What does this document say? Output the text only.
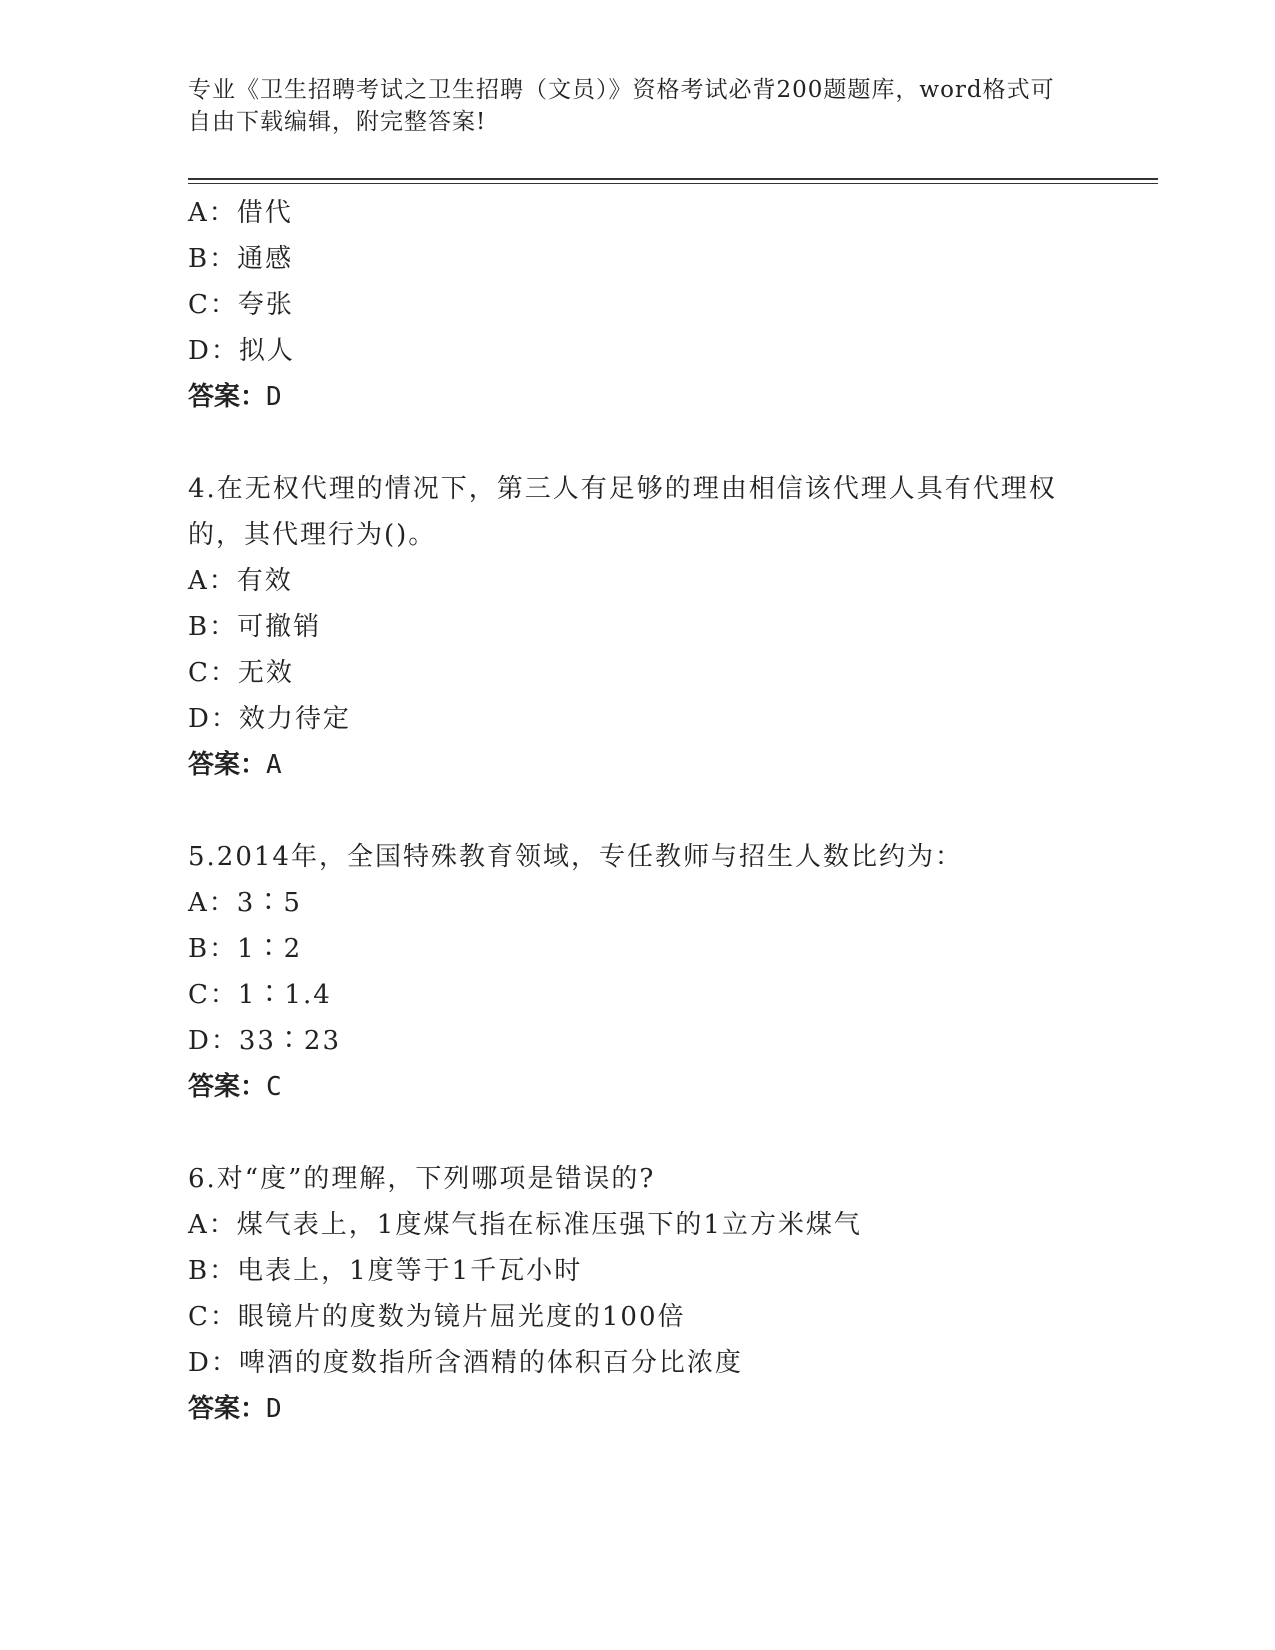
专业《卫生招聘考试之卫生招聘（文员）》资格考试必背200题题库，word格式可自由下载编辑，附完整答案!
A：借代
B：通感
C：夸张
D：拟人
答案：D
4.在无权代理的情况下，第三人有足够的理由相信该代理人具有代理权的，其代理行为()。
A：有效
B：可撤销
C：无效
D：效力待定
答案：A
5.2014年，全国特殊教育领域，专任教师与招生人数比约为：
A：3∶5
B：1∶2
C：1∶1.4
D：33∶23
答案：C
6.对“度”的理解，下列哪项是错误的?
A：煤气表上，1度煤气指在标准压强下的1立方米煤气
B：电表上，1度等于1千瓦小时
C：眼镜片的度数为镜片屈光度的100倍
D：啤酒的度数指所含酒精的体积百分比浓度
答案：D
